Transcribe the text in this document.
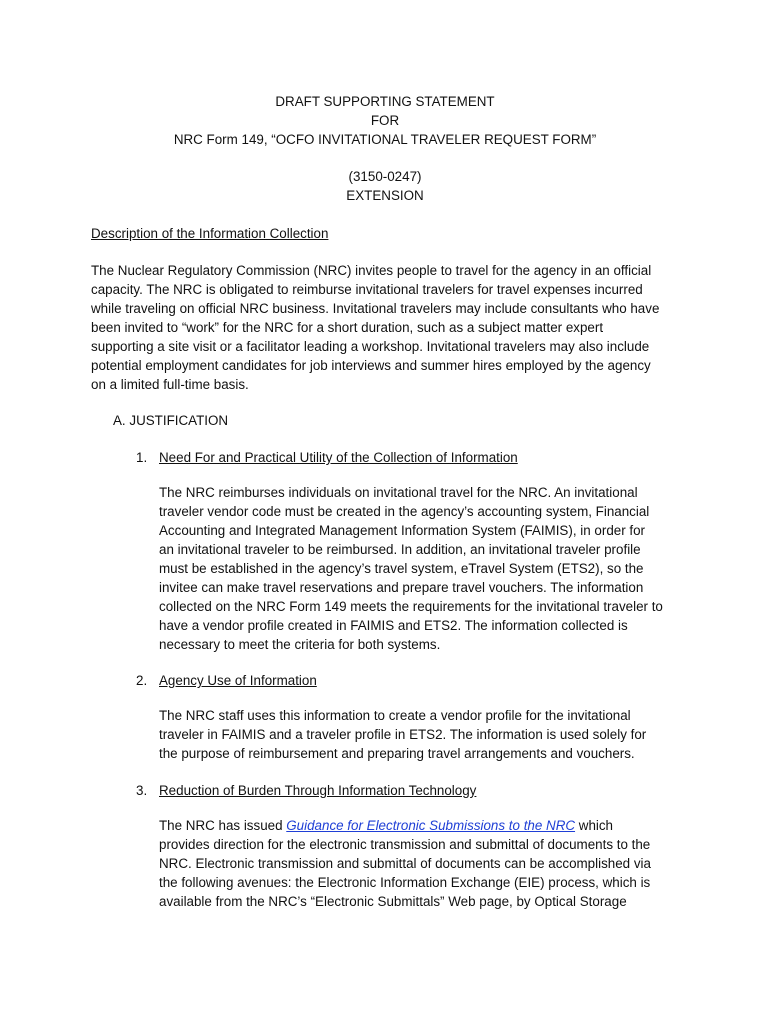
DRAFT SUPPORTING STATEMENT
FOR
NRC Form 149, “OCFO INVITATIONAL TRAVELER REQUEST FORM”
(3150-0247)
EXTENSION
Description of the Information Collection
The Nuclear Regulatory Commission (NRC) invites people to travel for the agency in an official
capacity. The NRC is obligated to reimburse invitational travelers for travel expenses incurred
while traveling on official NRC business. Invitational travelers may include consultants who have
been invited to “work” for the NRC for a short duration, such as a subject matter expert
supporting a site visit or a facilitator leading a workshop. Invitational travelers may also include
potential employment candidates for job interviews and summer hires employed by the agency
on a limited full-time basis.
A. JUSTIFICATION
1. Need For and Practical Utility of the Collection of Information
The NRC reimburses individuals on invitational travel for the NRC. An invitational
traveler vendor code must be created in the agency’s accounting system, Financial
Accounting and Integrated Management Information System (FAIMIS), in order for
an invitational traveler to be reimbursed. In addition, an invitational traveler profile
must be established in the agency’s travel system, eTravel System (ETS2), so the
invitee can make travel reservations and prepare travel vouchers. The information
collected on the NRC Form 149 meets the requirements for the invitational traveler to
have a vendor profile created in FAIMIS and ETS2. The information collected is
necessary to meet the criteria for both systems.
2. Agency Use of Information
The NRC staff uses this information to create a vendor profile for the invitational
traveler in FAIMIS and a traveler profile in ETS2. The information is used solely for
the purpose of reimbursement and preparing travel arrangements and vouchers.
3. Reduction of Burden Through Information Technology
The NRC has issued Guidance for Electronic Submissions to the NRC which
provides direction for the electronic transmission and submittal of documents to the
NRC. Electronic transmission and submittal of documents can be accomplished via
the following avenues: the Electronic Information Exchange (EIE) process, which is
available from the NRC’s “Electronic Submittals” Web page, by Optical Storage
